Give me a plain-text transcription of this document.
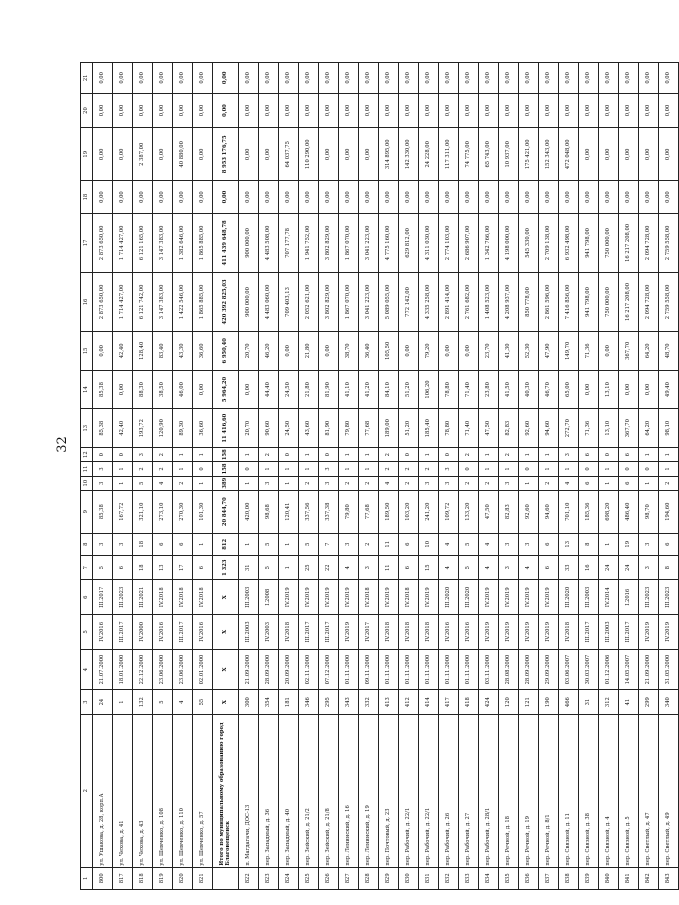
32
1	2	3	4	5	6	7	8	9	10	11	12	13	14	15	16	17	18	19	20	21
800	ул. Ушакова, д. 28, корп.А	24	21.07.2000	IV.2016	III.2017	5	3	85,38	3	3	0	85,38	85,38	0,00	2 873 650,00	2 873 650,00	0,00	0,00	0,00	0,00
817	ул. Чехова, д. 41	1	18.01.2000	III.2017	III.2023	6	3	167,72	1	1	0	42,40	0,00	42,40	1 714 427,00	1 714 427,00	0,00	0,00	0,00	0,00
818	ул. Чехова, д. 43	132	22.12.2000	IV.2000	III.2021	18	18	321,10	5	2	3	193,72	88,30	128,40	6 121 742,00	6 121 165,00	0,00	2 387,00	0,00	0,00
819	ул. Шевченко, д. 108	5	23.06.2000	IV.2016	IV.2018	13	6	273,10	4	2	2	120,90	38,50	83,40	3 147 383,00	3 147 383,00	0,00	0,00	0,00	0,00
820	ул. Шевченко, д. 110	4	23.06.2000	III.2017	IV.2018	17	6	270,30	2	1	1	89,30	46,00	43,30	1 422 546,00	1 382 646,00	0,00	40 880,00	0,00	0,00
821	ул. Шевченко, д. 57	55	02.01.2000	IV.2016	IV.2018	6	1	101,30	1	0	1	36,60	0,00	36,60	1 865 885,00	1 865 885,00	0,00	0,00	0,00	0,00
	Итого по муниципальному образованию город Благовещенск	X	X	X	X	1 323	812	20 844,70	389	158	158	11 416,60	5 964,20	6 950,40	420 392 825,03	411 439 648,78	0,00	8 953 176,75	0,00	0,00
822	п. Магдагачи, ДОС-13	300	21.09.2000	III.2003	III.2003	31	1	420,00	1	0	1	20,70	0,00	20,70	900 000,00	900 000,00	0,00	0,00	0,00	0,00
823	пер. Западный, д. 36	354	28.09.2000	IV.2003	I.2008	5	5	98,68	3	1	2	90,60	44,40	46,20	4 483 060,00	4 483 508,00	0,00	0,00	0,00	0,00
824	пер. Западный, д. 40	181	20.09.2000	IV.2018	IV.2019	1	1	120,41	1	1	0	24,50	24,50	0,00	709 403,13	707 177,78	0,00	64 037,75	0,00	0,00
825	пер. Зейский, д. 21/2	346	02.11.2000	III.2017	IV.2019	25	5	337,56	2	1	1	43,60	21,80	21,80	2 052 621,00	1 941 752,00	0,00	110 290,00	0,00	0,00
826	пер. Зейский, д. 21/8	295	07.12.2000	III.2017	IV.2019	22	7	337,38	3	3	0	81,90	81,90	0,00	3 802 829,00	3 802 829,00	0,00	0,00	0,00	0,00
827	пер. Ленинский, д. 16	343	01.11.2000	IV.2019	IV.2019	4	3	79,80	2	1	1	79,80	41,10	38,70	1 867 070,00	1 867 070,00	0,00	0,00	0,00	0,00
828	пер. Ленинский, д. 19	332	09.11.2000	IV.2017	IV.2018	3	2	77,68	2	1	1	77,68	41,20	36,40	3 041 223,00	3 041 223,00	0,00	0,00	0,00	0,00
829	пер. Почтовый, д. 23	413	01.11.2000	IV.2018	IV.2019	11	11	189,50	4	2	2	189,00	84,10	105,50	5 089 055,00	4 775 160,00	0,00	314 895,00	0,00	0,00
830	пер. Рабочий, д. 22/1	412	01.11.2000	IV.2018	IV.2018	6	6	103,20	2	2	0	51,20	51,20	0,00	772 142,00	629 812,00	0,00	142 330,00	0,00	0,00
831	пер. Рабочий, д. 22/1	414	01.11.2000	IV.2018	IV.2019	15	10	241,20	3	2	1	185,40	106,20	79,20	4 335 258,00	4 311 030,00	0,00	24 228,00	0,00	0,00
832	пер. Рабочий, д. 26	417	01.11.2000	IV.2016	III.2020	4	4	109,72	3	3	0	78,80	78,80	0,00	2 891 414,00	2 774 103,00	0,00	117 311,00	0,00	0,00
833	пер. Рабочий, д. 27	418	01.11.2000	IV.2016	III.2020	5	5	133,20	2	0	2	71,40	71,40	0,00	2 761 682,00	2 686 907,00	0,00	74 775,00	0,00	0,00
834	пер. Рабочий, д. 28/1	424	03.11.2000	IV.2019	IV.2019	4	4	47,50	2	1	1	47,50	23,80	23,70	1 408 523,00	1 342 766,00	0,00	65 743,00	0,00	0,00
835	пер. Речной, д. 18	120	28.08.2000	IV.2019	IV.2019	3	3	82,83	3	1	2	82,83	41,50	41,30	4 208 937,00	4 198 000,00	0,00	10 937,00	0,00	0,00
836	пер. Речной, д. 19	121	28.09.2000	IV.2019	IV.2019	4	3	92,60	1	0	1	92,60	40,30	52,30	850 778,00	545 330,00	0,00	175 421,00	0,00	0,00
837	пер. Речной, д. 8/1	190	29.09.2000	IV.2019	IV.2019	6	6	94,60	2	1	1	94,60	46,70	47,90	2 861 596,00	2 709 138,00	0,00	152 343,00	0,00	0,00
838	пер. Связной, д. 11	466	03.06.2007	IV.2018	III.2020	33	13	701,10	4	1	3	272,70	65,00	149,70	7 416 856,00	6 932 498,00	0,00	472 048,00	0,00	0,00
839	пер. Связной, д. 38	31	30.03.2007	III.2017	III.2003	16	8	185,36	6	0	6	71,36	0,00	71,36	941 798,00	941 798,00	0,00	0,00	0,00	0,00
840	пер. Связной, д. 4	312	01.12.2006	III.2003	IV.2014	24	1	698,20	1	1	0	13,10	13,10	0,00	750 000,00	750 000,00	0,00	0,00	0,00	0,00
841	пер. Связной, д. 5	41	14.05.2007	III.2017	I.2016	24	19	486,40	6	0	6	367,70	0,00	367,70	16 217 208,00	16 217 208,00	0,00	0,00	0,00	0,00
842	пер. Светлый, д. 47	299	21.09.2000	IV.2019	III.2023	3	3	98,70	1	0	1	64,20	0,00	64,20	2 094 728,00	2 094 728,00	0,00	0,00	0,00	0,00
843	пер. Светлый, д. 49	340	31.05.2000	IV.2019	III.2023	8	6	194,60	2	1	1	98,10	49,40	48,70	2 759 558,00	2 759 558,00	0,00	0,00	0,00	0,00
